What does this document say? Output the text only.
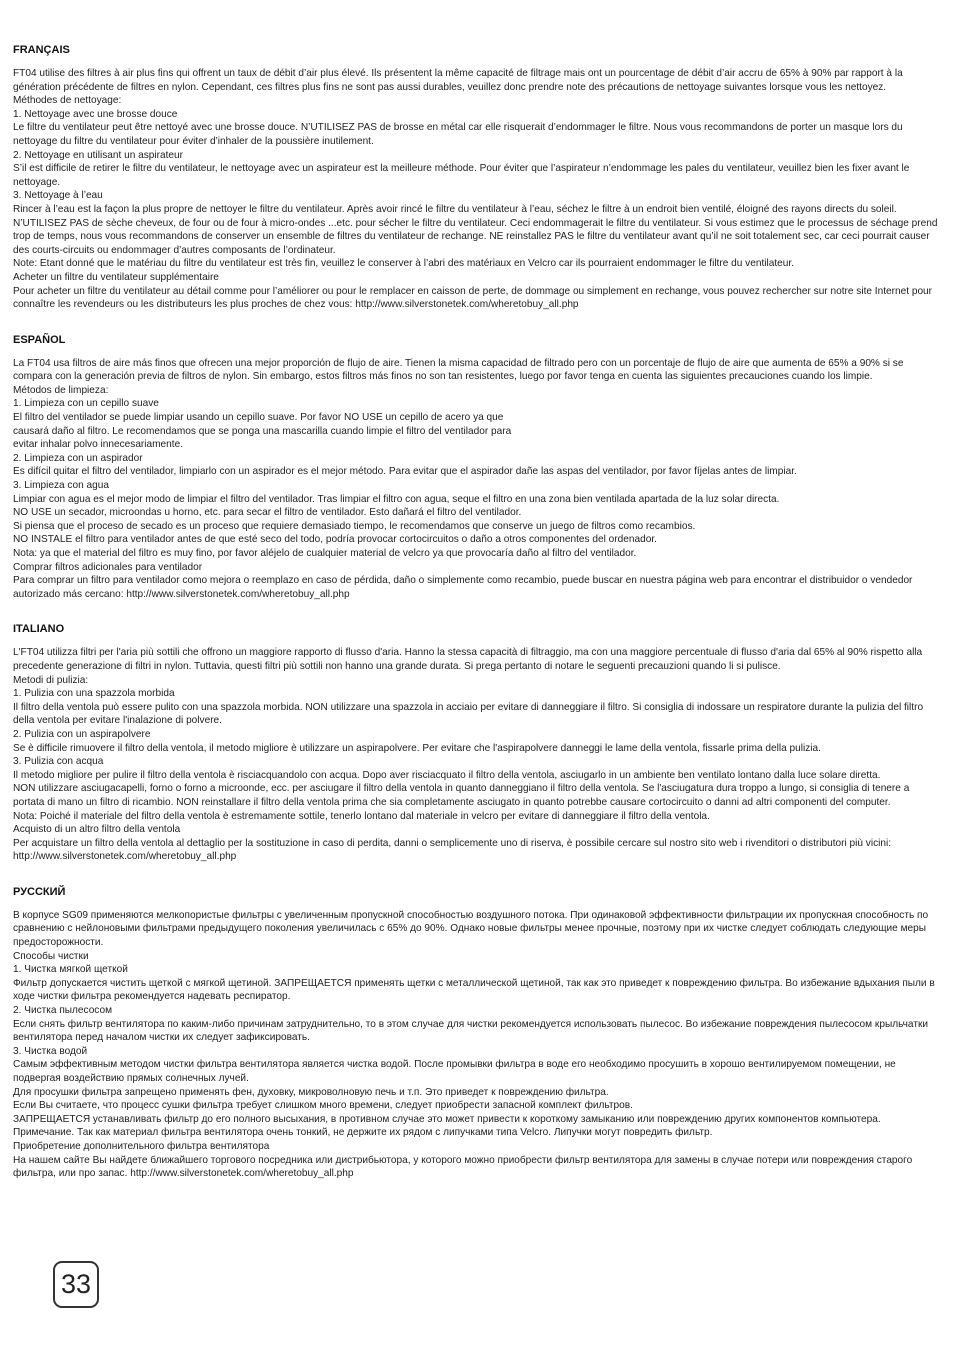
FRANÇAIS
FT04 utilise des filtres à air plus fins qui offrent un taux de débit d’air plus élevé. Ils présentent la même capacité de filtrage mais ont un pourcentage de débit d’air accru de 65% à 90% par rapport à la génération précédente de filtres en nylon. Cependant, ces filtres plus fins ne sont pas aussi durables, veuillez donc prendre note des précautions de nettoyage suivantes lorsque vous les nettoyez.
Méthodes de nettoyage:
1. Nettoyage avec une brosse douce
Le filtre du ventilateur peut être nettoyé avec une brosse douce. N’UTILISEZ PAS de brosse en métal car elle risquerait d’endommager le filtre. Nous vous recommandons de porter un masque lors du nettoyage du filtre du ventilateur pour éviter d’inhaler de la poussière inutilement.
2. Nettoyage en utilisant un aspirateur
S’il est difficile de retirer le filtre du ventilateur, le nettoyage avec un aspirateur est la meilleure méthode. Pour éviter que l’aspirateur n’endommage les pales du ventilateur, veuillez bien les fixer avant le nettoyage.
3. Nettoyage à l’eau
Rincer à l’eau est la façon la plus propre de nettoyer le filtre du ventilateur. Après avoir rincé le filtre du ventilateur à l’eau, séchez le filtre à un endroit bien ventilé, éloigné des rayons directs du soleil.
N’UTILISEZ PAS de sèche cheveux, de four ou de four à micro-ondes ...etc. pour sécher le filtre du ventilateur. Ceci endommagerait le filtre du ventilateur. Si vous estimez que le processus de séchage prend trop de temps, nous vous recommandons de conserver un ensemble de filtres du ventilateur de rechange. NE reinstallez PAS le filtre du ventilateur avant qu’il ne soit totalement sec, car ceci pourrait causer des courts-circuits ou endommager d’autres composants de l’ordinateur.
Note: Etant donné que le matériau du filtre du ventilateur est très fin, veuillez le conserver à l’abri des matériaux en Velcro car ils pourraient endommager le filtre du ventilateur.
Acheter un filtre du ventilateur supplémentaire
Pour acheter un filtre du ventilateur au détail comme pour l’améliorer ou pour le remplacer en caisson de perte, de dommage ou simplement en rechange, vous pouvez rechercher sur notre site Internet pour connaître les revendeurs ou les distributeurs les plus proches de chez vous: http://www.silverstonetek.com/wheretobuy_all.php
ESPAÑOL
La FT04 usa filtros de aire más finos que ofrecen una mejor proporción de flujo de aire. Tienen la misma capacidad de filtrado pero con un porcentaje de flujo de aire que aumenta de 65% a 90% si se compara con la generación previa de filtros de nylon. Sin embargo, estos filtros más finos no son tan resistentes, luego por favor tenga en cuenta las siguientes precauciones cuando los limpie.
Métodos de limpieza:
1. Limpieza con un cepillo suave
El filtro del ventilador se puede limpiar usando un cepillo suave. Por favor NO USE un cepillo de acero ya que
causará daño al filtro. Le recomendamos que se ponga una mascarilla cuando limpie el filtro del ventilador para
evitar inhalar polvo innecesariamente.
2. Limpieza con un aspirador
Es difícil quitar el filtro del ventilador, limpiarlo con un aspirador es el mejor método. Para evitar que el aspirador dañe las aspas del ventilador, por favor fíjelas antes de limpiar.
3. Limpieza con agua
Limpiar con agua es el mejor modo de limpiar el filtro del ventilador. Tras limpiar el filtro con agua, seque el filtro en una zona bien ventilada apartada de la luz solar directa.
NO USE un secador, microondas u horno, etc. para secar el filtro de ventilador. Esto dañará el filtro del ventilador.
Si piensa que el proceso de secado es un proceso que requiere demasiado tiempo, le recomendamos que conserve un juego de filtros como recambios.
NO INSTALE el filtro para ventilador antes de que esté seco del todo, podría provocar cortocircuitos o daño a otros componentes del ordenador.
Nota: ya que el material del filtro es muy fino, por favor aléjelo de cualquier material de velcro ya que provocaría daño al filtro del ventilador.
Comprar filtros adicionales para ventilador
Para comprar un filtro para ventilador como mejora o reemplazo en caso de pérdida, daño o simplemente como recambio, puede buscar en nuestra página web para encontrar el distribuidor o vendedor autorizado más cercano: http://www.silverstonetek.com/wheretobuy_all.php
ITALIANO
L'FT04 utilizza filtri per l'aria più sottili che offrono un maggiore rapporto di flusso d'aria. Hanno la stessa capacità di filtraggio, ma con una maggiore percentuale di flusso d'aria dal 65% al 90% rispetto alla precedente generazione di filtri in nylon. Tuttavia, questi filtri più sottili non hanno una grande durata. Si prega pertanto di notare le seguenti precauzioni quando li si pulisce.
Metodi di pulizia:
1. Pulizia con una spazzola morbida
Il filtro della ventola può essere pulito con una spazzola morbida. NON utilizzare una spazzola in acciaio per evitare di danneggiare il filtro. Si consiglia di indossare un respiratore durante la pulizia del filtro della ventola per evitare l'inalazione di polvere.
2. Pulizia con un aspirapolvere
Se è difficile rimuovere il filtro della ventola, il metodo migliore è utilizzare un aspirapolvere. Per evitare che l'aspirapolvere danneggi le lame della ventola, fissarle prima della pulizia.
3. Pulizia con acqua
Il metodo migliore per pulire il filtro della ventola è risciacquandolo con acqua. Dopo aver risciacquato il filtro della ventola, asciugarlo in un ambiente ben ventilato lontano dalla luce solare diretta.
NON utilizzare asciugacapelli, forno o forno a microonde, ecc. per asciugare il filtro della ventola in quanto danneggiano il filtro della ventola. Se l'asciugatura dura troppo a lungo, si consiglia di tenere a portata di mano un filtro di ricambio. NON reinstallare il filtro della ventola prima che sia completamente asciugato in quanto potrebbe causare cortocircuito o danni ad altri componenti del computer.
Nota: Poiché il materiale del filtro della ventola è estremamente sottile, tenerlo lontano dal materiale in velcro per evitare di danneggiare il filtro della ventola.
Acquisto di un altro filtro della ventola
Per acquistare un filtro della ventola al dettaglio per la sostituzione in caso di perdita, danni o semplicemente uno di riserva, è possibile cercare sul nostro sito web i rivenditori o distributori più vicini: http://www.silverstonetek.com/wheretobuy_all.php
РУССКИЙ
В корпусе SG09 применяются мелкопористые фильтры с увеличенным пропускной способностью воздушного потока. При одинаковой эффективности фильтрации их пропускная способность по сравнению с нейлоновыми фильтрами предыдущего поколения увеличилась с 65% до 90%. Однако новые фильтры менее прочные, поэтому при их чистке следует соблюдать следующие меры предосторожности.
Способы чистки
1. Чистка мягкой щеткой
Фильтр допускается чистить щеткой с мягкой щетиной. ЗАПРЕЩАЕТСЯ применять щетки с металлической щетиной, так как это приведет к повреждению фильтра. Во избежание вдыхания пыли в ходе чистки фильтра рекомендуется надевать респиратор.
2. Чистка пылесосом
Если снять фильтр вентилятора по каким-либо причинам затруднительно, то в этом случае для чистки рекомендуется использовать пылесос. Во избежание повреждения пылесосом крыльчатки вентилятора перед началом чистки их следует зафиксировать.
3. Чистка водой
Самым эффективным методом чистки фильтра вентилятора является чистка водой. После промывки фильтра в воде его необходимо просушить в хорошо вентилируемом помещении, не подвергая воздействию прямых солнечных лучей.
Для просушки фильтра запрещено применять фен, духовку, микроволновую печь и т.п. Это приведет к повреждению фильтра.
Если Вы считаете, что процесс сушки фильтра требует слишком много времени, следует приобрести запасной комплект фильтров.
ЗАПРЕЩАЕТСЯ устанавливать фильтр до его полного высыхания, в противном случае это может привести к короткому замыканию или повреждению других компонентов компьютера. Примечание. Так как материал фильтра вентилятора очень тонкий, не держите их рядом с липучками типа Velcro. Липучки могут повредить фильтр.
Приобретение дополнительного фильтра вентилятора
На нашем сайте Вы найдете ближайшего торгового посредника или дистрибьютора, у которого можно приобрести фильтр вентилятора для замены в случае потери или повреждения старого фильтра, или про запас. http://www.silverstonetek.com/wheretobuy_all.php
33
